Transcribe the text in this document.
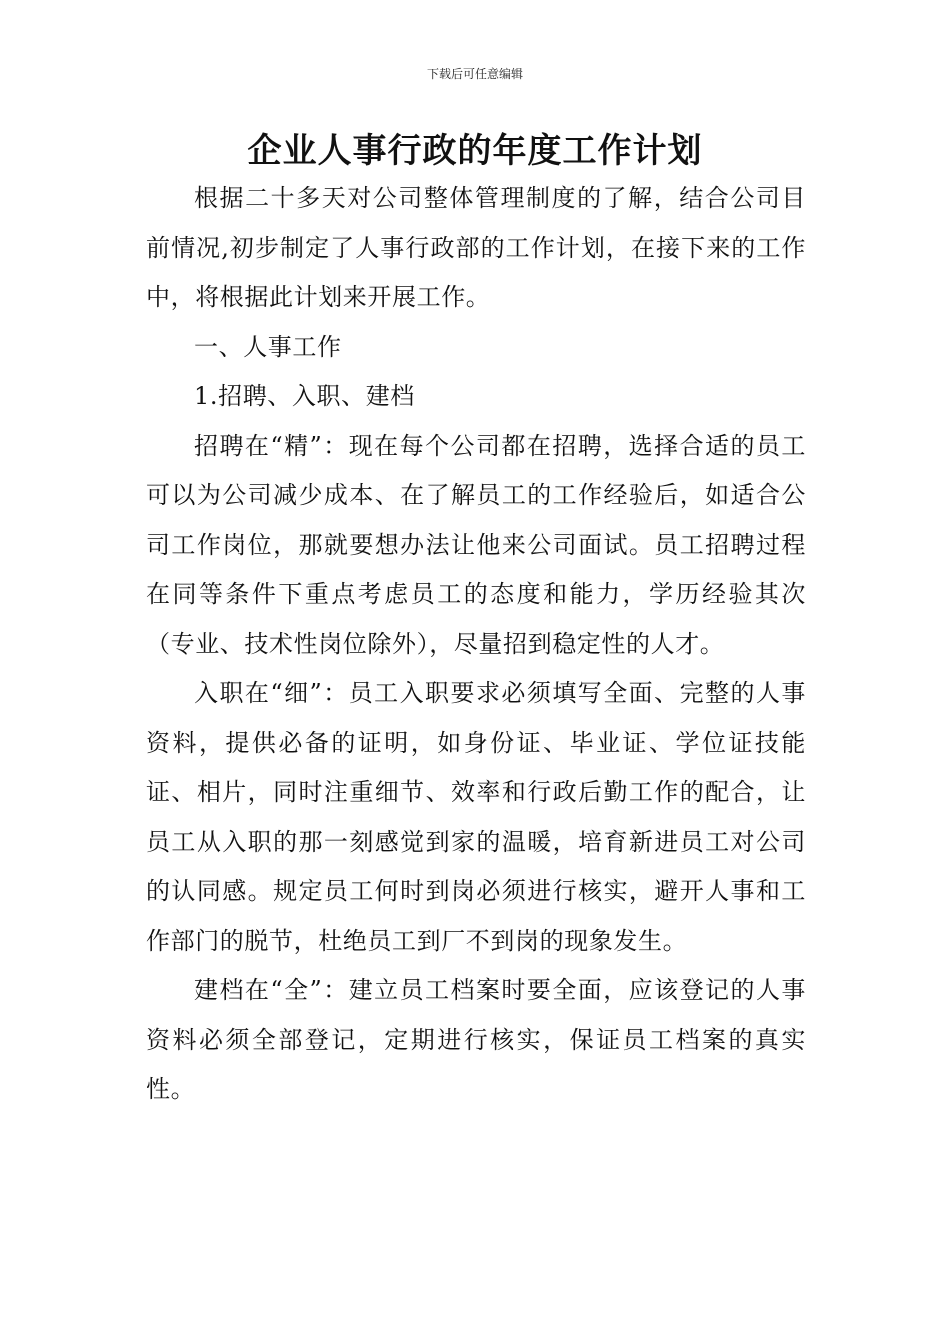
下载后可任意编辑
企业人事行政的年度工作计划

根据二十多天对公司整体管理制度的了解，结合公司目前情况,初步制定了人事行政部的工作计划，在接下来的工作中，将根据此计划来开展工作。

一、人事工作

1.招聘、入职、建档

招聘在“精”：现在每个公司都在招聘，选择合适的员工可以为公司减少成本、在了解员工的工作经验后，如适合公司工作岗位，那就要想办法让他来公司面试。员工招聘过程在同等条件下重点考虑员工的态度和能力，学历经验其次（专业、技术性岗位除外），尽量招到稳定性的人才。

入职在“细”：员工入职要求必须填写全面、完整的人事资料，提供必备的证明，如身份证、毕业证、学位证技能证、相片，同时注重细节、效率和行政后勤工作的配合，让员工从入职的那一刻感觉到家的温暖，培育新进员工对公司的认同感。规定员工何时到岗必须进行核实，避开人事和工作部门的脱节，杜绝员工到厂不到岗的现象发生。

建档在“全”：建立员工档案时要全面，应该登记的人事资料必须全部登记，定期进行核实，保证员工档案的真实性。
